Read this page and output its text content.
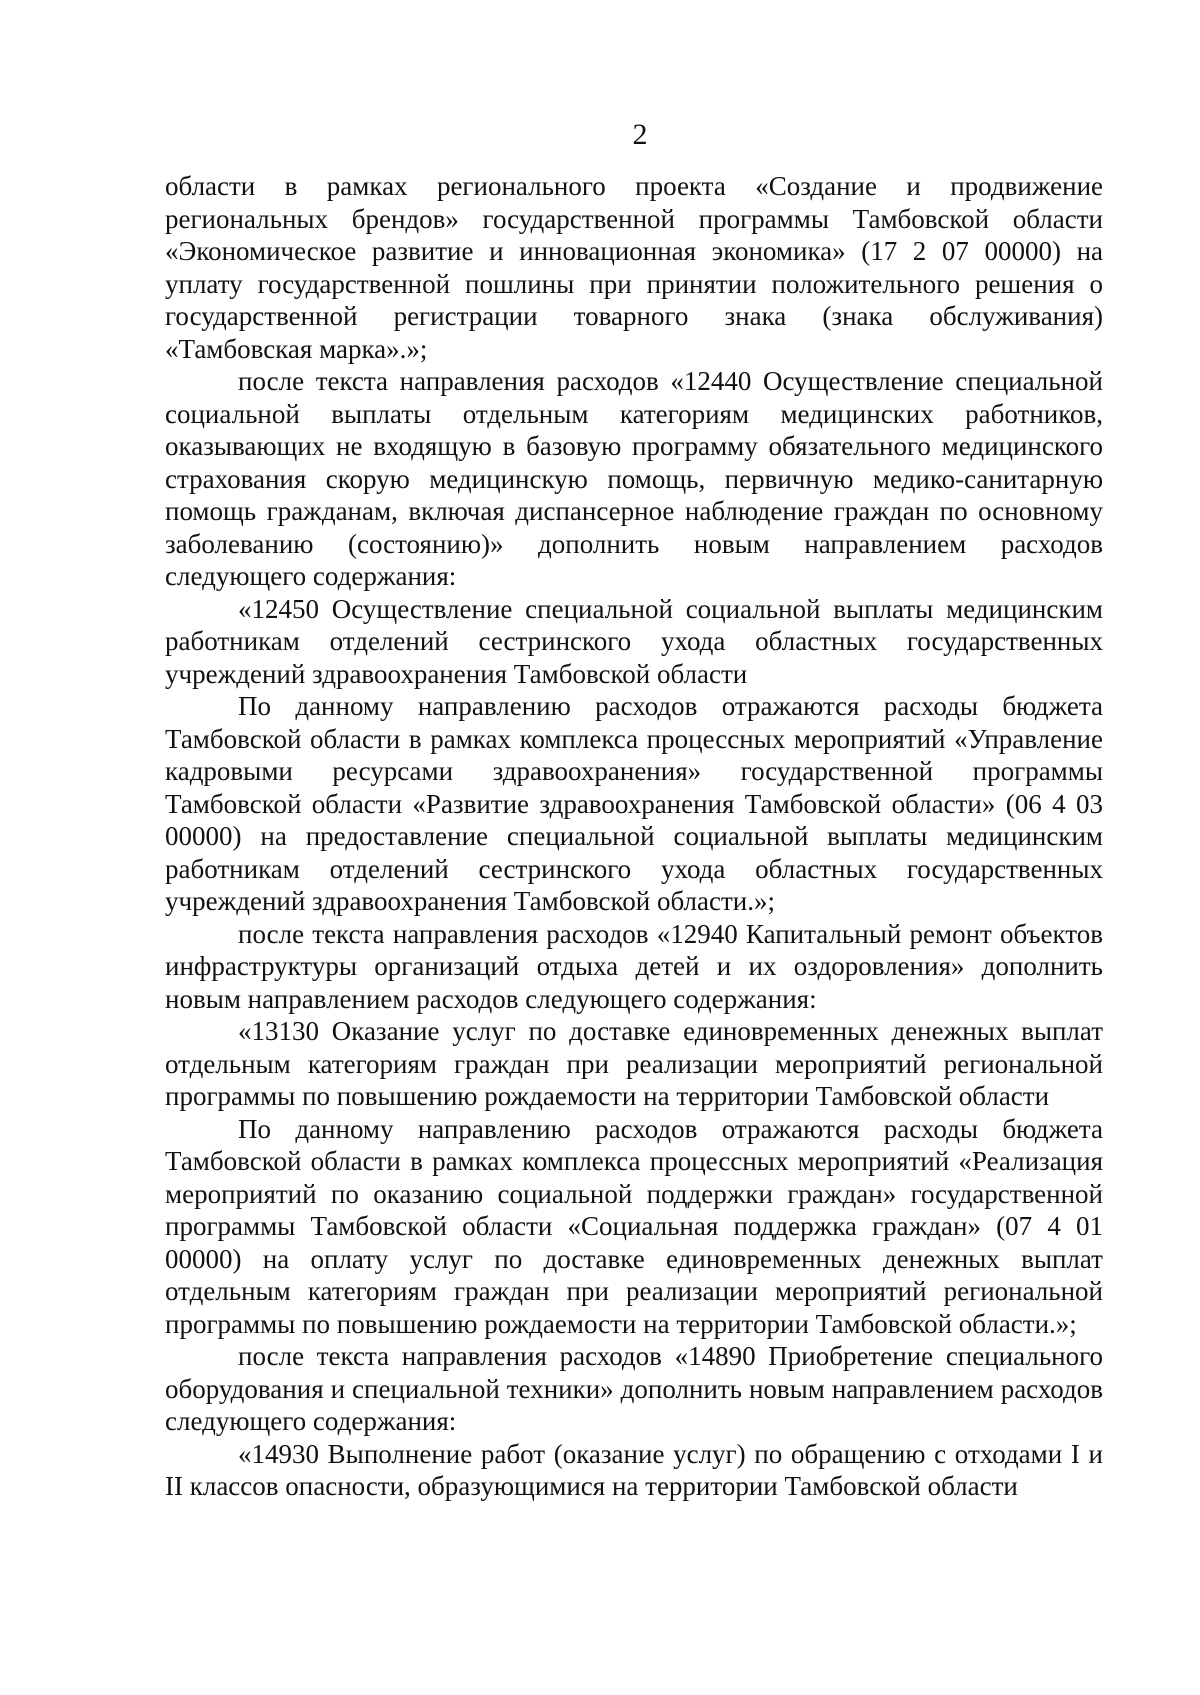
2

области в рамках регионального проекта «Создание и продвижение региональных брендов» государственной программы Тамбовской области «Экономическое развитие и инновационная экономика» (17 2 07 00000) на уплату государственной пошлины при принятии положительного решения о государственной регистрации товарного знака (знака обслуживания) «Тамбовская марка».»;

после текста направления расходов «12440 Осуществление специальной социальной выплаты отдельным категориям медицинских работников, оказывающих не входящую в базовую программу обязательного медицинского страхования скорую медицинскую помощь, первичную медико-санитарную помощь гражданам, включая диспансерное наблюдение граждан по основному заболеванию (состоянию)» дополнить новым направлением расходов следующего содержания:

«12450 Осуществление специальной социальной выплаты медицинским работникам отделений сестринского ухода областных государственных учреждений здравоохранения Тамбовской области

По данному направлению расходов отражаются расходы бюджета Тамбовской области в рамках комплекса процессных мероприятий «Управление кадровыми ресурсами здравоохранения» государственной программы Тамбовской области «Развитие здравоохранения Тамбовской области» (06 4 03 00000) на предоставление специальной социальной выплаты медицинским работникам отделений сестринского ухода областных государственных учреждений здравоохранения Тамбовской области.»;

после текста направления расходов «12940 Капитальный ремонт объектов инфраструктуры организаций отдыха детей и их оздоровления» дополнить новым направлением расходов следующего содержания:

«13130 Оказание услуг по доставке единовременных денежных выплат отдельным категориям граждан при реализации мероприятий региональной программы по повышению рождаемости на территории Тамбовской области

По данному направлению расходов отражаются расходы бюджета Тамбовской области в рамках комплекса процессных мероприятий «Реализация мероприятий по оказанию социальной поддержки граждан» государственной программы Тамбовской области «Социальная поддержка граждан» (07 4 01 00000) на оплату услуг по доставке единовременных денежных выплат отдельным категориям граждан при реализации мероприятий региональной программы по повышению рождаемости на территории Тамбовской области.»;

после текста направления расходов «14890 Приобретение специального оборудования и специальной техники» дополнить новым направлением расходов следующего содержания:

«14930 Выполнение работ (оказание услуг) по обращению с отходами I и II классов опасности, образующимися на территории Тамбовской области
